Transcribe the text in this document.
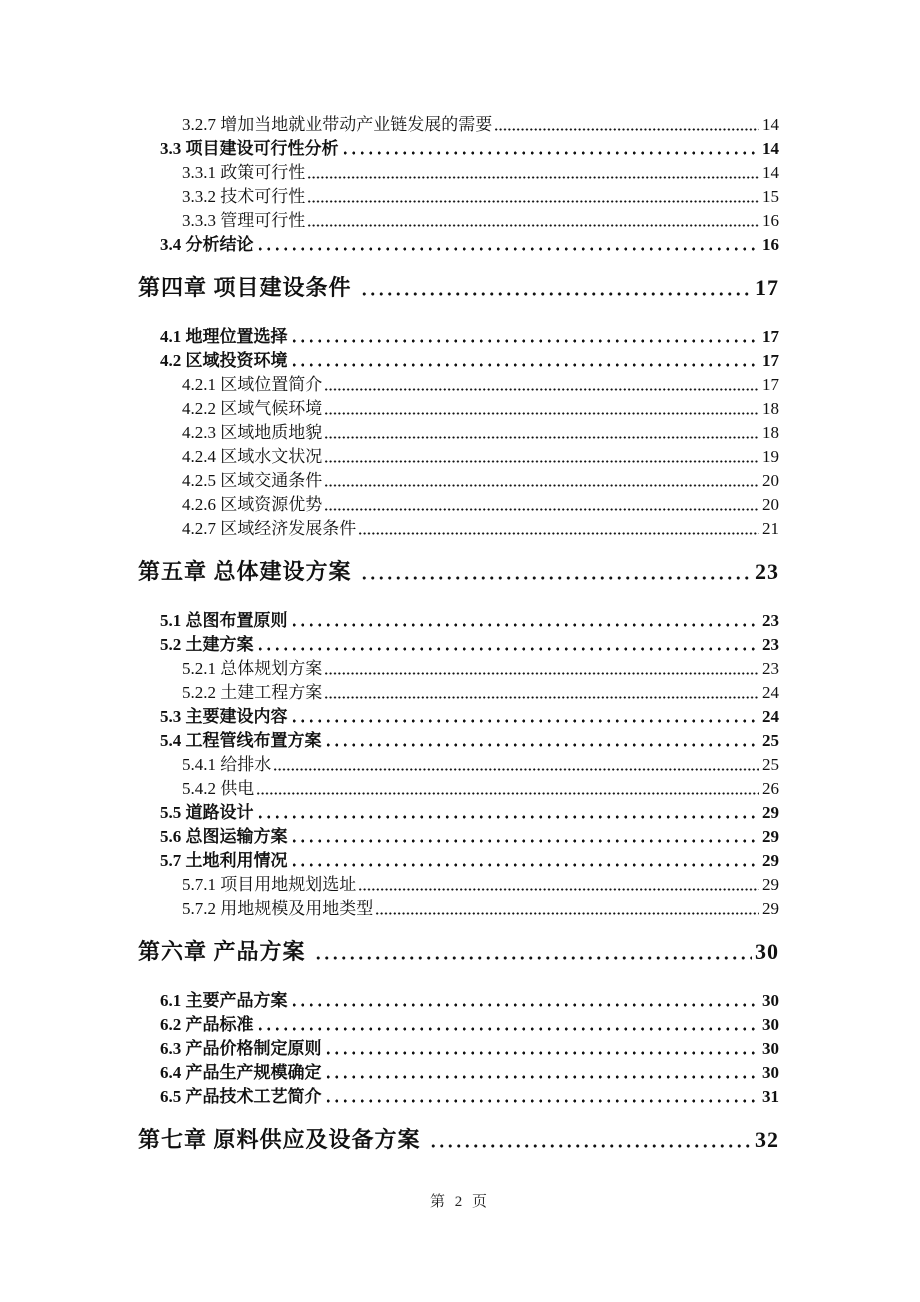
3.2.7 增加当地就业带动产业链发展的需要	14
3.3 项目建设可行性分析	14
3.3.1 政策可行性	14
3.3.2 技术可行性	15
3.3.3 管理可行性	16
3.4 分析结论	16
第四章 项目建设条件	17
4.1 地理位置选择	17
4.2 区域投资环境	17
4.2.1 区域位置简介	17
4.2.2 区域气候环境	18
4.2.3 区域地质地貌	18
4.2.4 区域水文状况	19
4.2.5 区域交通条件	20
4.2.6 区域资源优势	20
4.2.7 区域经济发展条件	21
第五章 总体建设方案	23
5.1 总图布置原则	23
5.2 土建方案	23
5.2.1 总体规划方案	23
5.2.2 土建工程方案	24
5.3 主要建设内容	24
5.4 工程管线布置方案	25
5.4.1 给排水	25
5.4.2 供电	26
5.5 道路设计	29
5.6 总图运输方案	29
5.7 土地利用情况	29
5.7.1 项目用地规划选址	29
5.7.2 用地规模及用地类型	29
第六章 产品方案	30
6.1 主要产品方案	30
6.2 产品标准	30
6.3 产品价格制定原则	30
6.4 产品生产规模确定	30
6.5 产品技术工艺简介	31
第七章 原料供应及设备方案	32
第 2 页
